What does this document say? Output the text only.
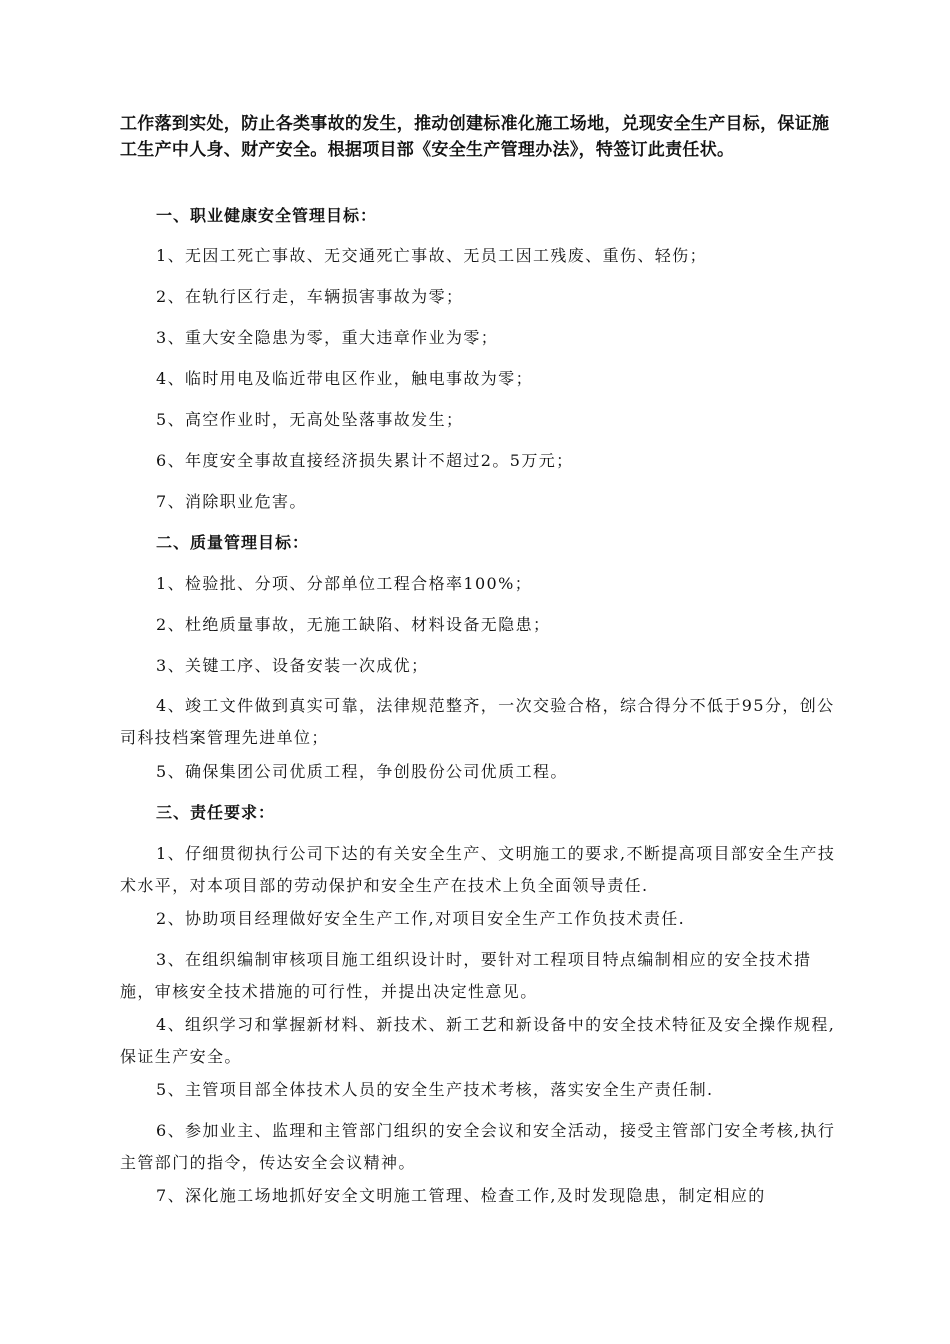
工作落到实处，防止各类事故的发生，推动创建标准化施工场地，兑现安全生产目标，保证施工生产中人身、财产安全。根据项目部《安全生产管理办法》，特签订此责任状。
一、职业健康安全管理目标：
1、无因工死亡事故、无交通死亡事故、无员工因工残废、重伤、轻伤；
2、在轨行区行走，车辆损害事故为零；
3、重大安全隐患为零，重大违章作业为零；
4、临时用电及临近带电区作业，触电事故为零；
5、高空作业时，无高处坠落事故发生；
6、年度安全事故直接经济损失累计不超过2。5万元；
7、消除职业危害。
二、质量管理目标：
1、检验批、分项、分部单位工程合格率100%；
2、杜绝质量事故，无施工缺陷、材料设备无隐患；
3、关键工序、设备安装一次成优；
4、竣工文件做到真实可靠，法律规范整齐，一次交验合格，综合得分不低于95分，创公司科技档案管理先进单位；
5、确保集团公司优质工程，争创股份公司优质工程。
三、责任要求：
1、仔细贯彻执行公司下达的有关安全生产、文明施工的要求,不断提高项目部安全生产技术水平，对本项目部的劳动保护和安全生产在技术上负全面领导责任.
2、协助项目经理做好安全生产工作,对项目安全生产工作负技术责任.
3、在组织编制审核项目施工组织设计时，要针对工程项目特点编制相应的安全技术措施，审核安全技术措施的可行性，并提出决定性意见。
4、组织学习和掌握新材料、新技术、新工艺和新设备中的安全技术特征及安全操作规程,保证生产安全。
5、主管项目部全体技术人员的安全生产技术考核，落实安全生产责任制.
6、参加业主、监理和主管部门组织的安全会议和安全活动，接受主管部门安全考核,执行主管部门的指令，传达安全会议精神。
7、深化施工场地抓好安全文明施工管理、检查工作,及时发现隐患，制定相应的
